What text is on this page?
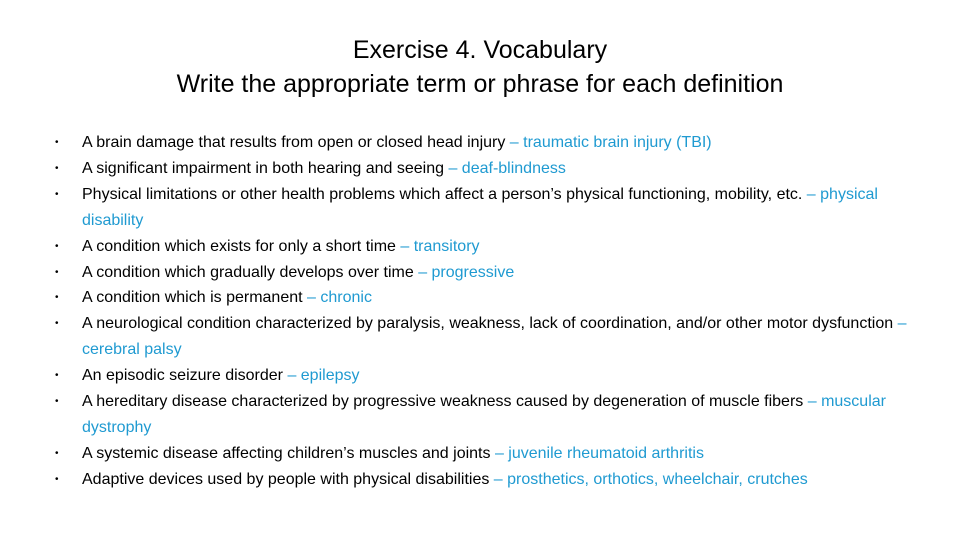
Exercise 4. Vocabulary
Write the appropriate term or phrase for each definition
• A brain damage that results from open or closed head injury – traumatic brain injury (TBI)
• A significant impairment in both hearing and seeing – deaf-blindness
• Physical limitations or other health problems which affect a person’s physical functioning, mobility, etc. – physical disability
• A condition which exists for only a short time – transitory
• A condition which gradually develops over time – progressive
• A condition which is permanent – chronic
• A neurological condition characterized by paralysis, weakness, lack of coordination, and/or other motor dysfunction – cerebral palsy
• An episodic seizure disorder – epilepsy
• A hereditary disease characterized by progressive weakness caused by degeneration of muscle fibers – muscular dystrophy
• A systemic disease affecting children’s muscles and joints – juvenile rheumatoid arthritis
• Adaptive devices used by people with physical disabilities – prosthetics, orthotics, wheelchair, crutches
